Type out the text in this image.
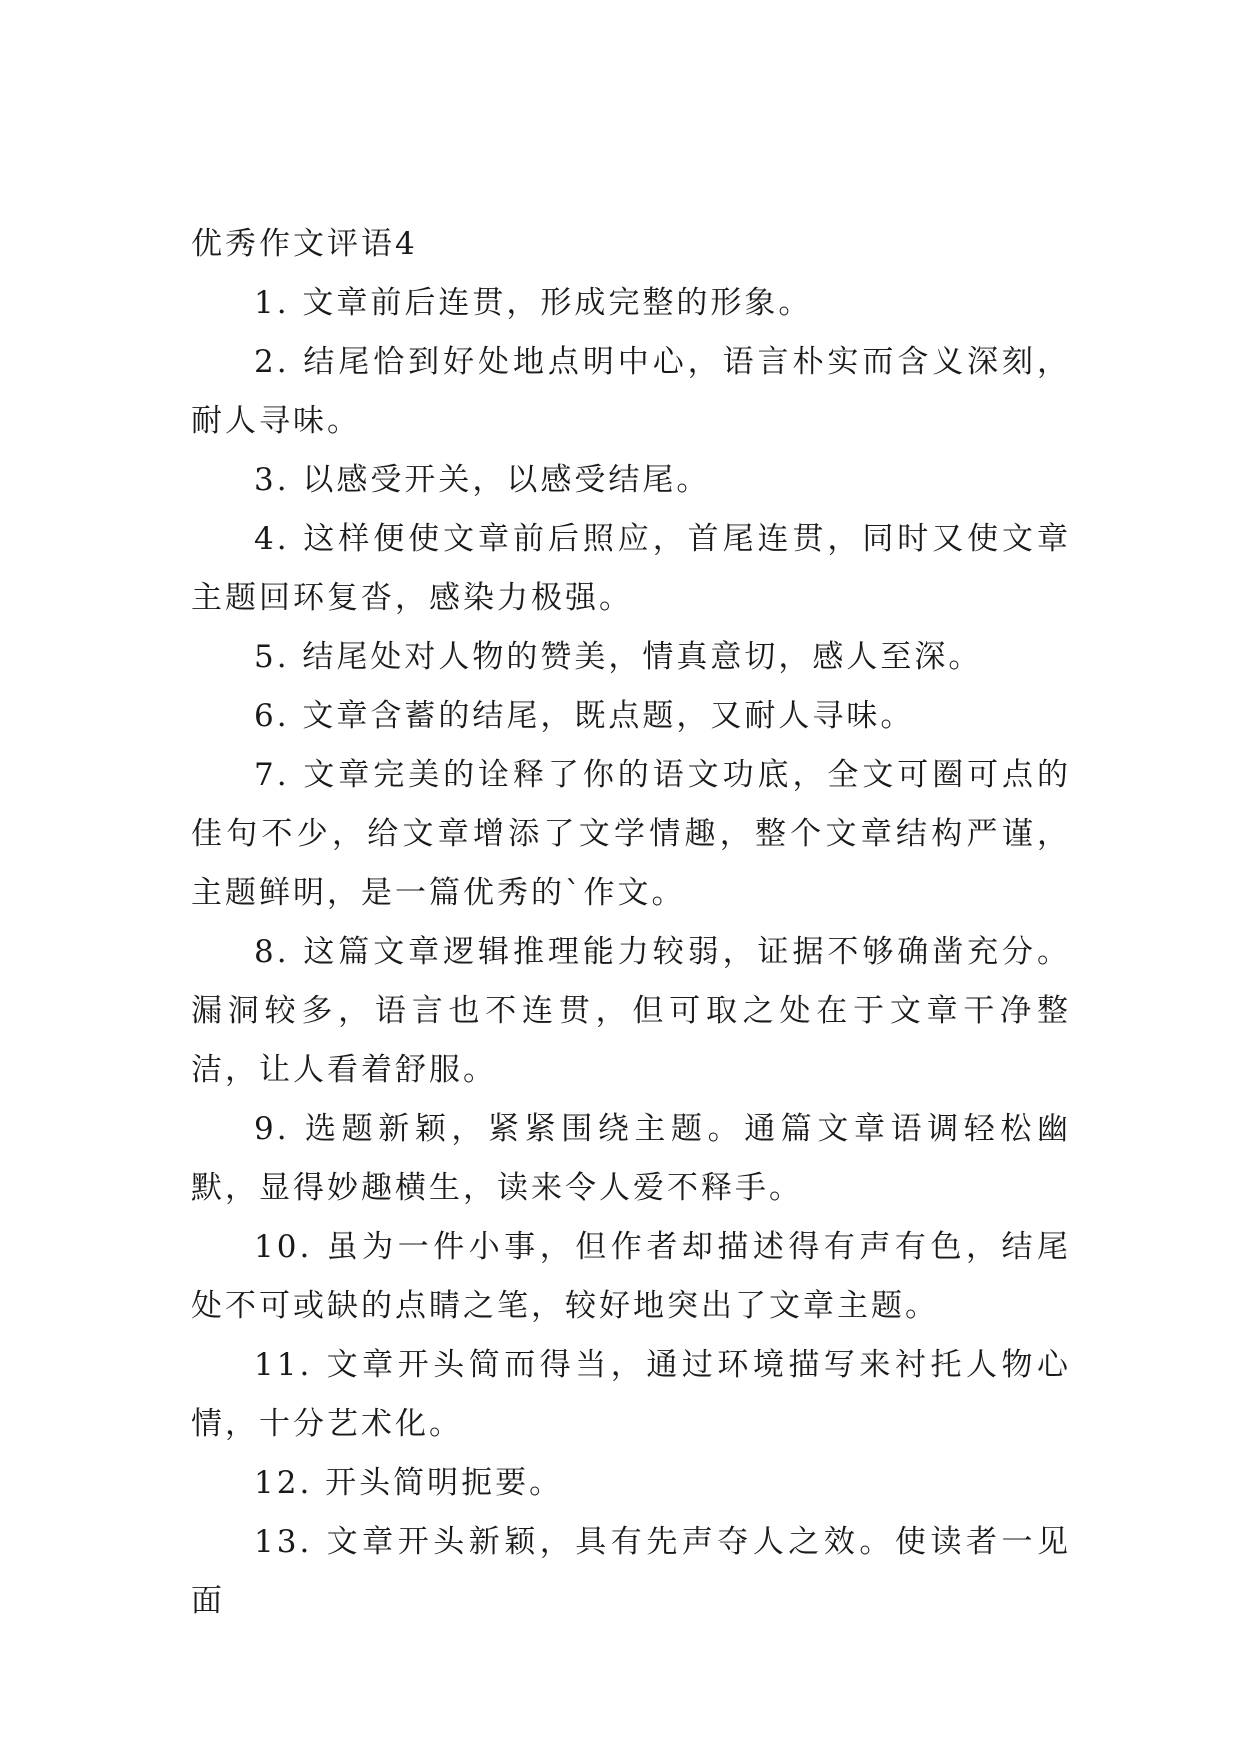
优秀作文评语4

1. 文章前后连贯，形成完整的形象。

2. 结尾恰到好处地点明中心，语言朴实而含义深刻，耐人寻味。

3. 以感受开关，以感受结尾。

4. 这样便使文章前后照应，首尾连贯，同时又使文章主题回环复沓，感染力极强。

5. 结尾处对人物的赞美，情真意切，感人至深。

6. 文章含蓄的结尾，既点题，又耐人寻味。

7. 文章完美的诠释了你的语文功底，全文可圈可点的佳句不少，给文章增添了文学情趣，整个文章结构严谨，主题鲜明，是一篇优秀的`作文。

8. 这篇文章逻辑推理能力较弱，证据不够确凿充分。漏洞较多，语言也不连贯，但可取之处在于文章干净整洁，让人看着舒服。

9. 选题新颖，紧紧围绕主题。通篇文章语调轻松幽默，显得妙趣横生，读来令人爱不释手。

10. 虽为一件小事，但作者却描述得有声有色，结尾处不可或缺的点睛之笔，较好地突出了文章主题。

11. 文章开头简而得当，通过环境描写来衬托人物心情，十分艺术化。

12. 开头简明扼要。

13. 文章开头新颖，具有先声夺人之效。使读者一见面
